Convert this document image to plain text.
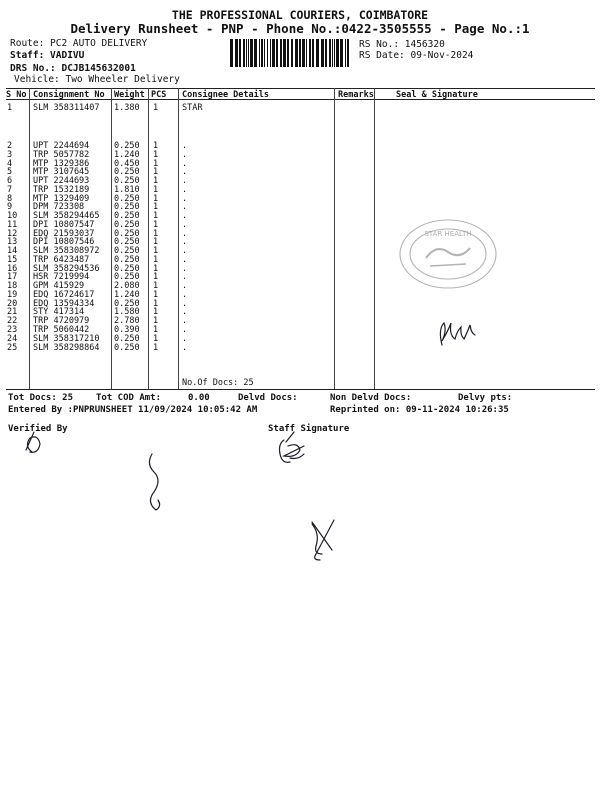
THE PROFESSIONAL COURIERS, COIMBATORE
Delivery Runsheet - PNP - Phone No.:0422-3505555 - Page No.:1
Route: PC2 AUTO DELIVERY
Staff: VADIVU
DRS No.: DCJB145632001
Vehicle: Two Wheeler Delivery
RS No.: 1456320
RS Date: 09-Nov-2024
S No Consignment No Weight PCS Consignee Details	Remarks	Seal & Signature
1 SLM 358311407 1.380 1	STAR
2 UPT 2244694	0.250 1	.
3 TRP 5057782	1.240 1	.
4 MTP 1329386	0.450 1	.
5 MTP 3107645	0.250 1	.
6 UPT 2244693	0.250 1	.
7 TRP 1532189	1.810 1	.
8 MTP 1329409	0.250 1	.
9 DPM 723308	0.250 1	.
10 SLM 358294465 0.250 1	.
11 DPI 10807547 0.250 1	.
12 EDQ 21593037 0.250 1	.
13 DPI 10807546 0.250 1	.
14 SLM 358308972 0.250 1	.
15 TRP 6423487	0.250 1	.
16 SLM 358294536 0.250 1	.
17 HSR 7219994	0.250 1	.
18 GPM 415929	2.080 1	.
19 EDQ 16724617 1.240 1	.
20 EDQ 13594334 0.250 1	.
21 STY 417314	1.580 1	.
22 TRP 4720979	2.780 1	.
23 TRP 5060442	0.390 1	.
24 SLM 358317210 0.250 1	.
25 SLM 358298864 0.250 1	.
No.Of Docs: 25
Tot Docs: 25	Tot COD Amt:	0.00	Delvd Docs:	Non Delvd Docs:	Delvy pts:
Entered By :PNPRUNSHEET 11/09/2024 10:05:42 AM	Reprinted on: 09-11-2024 10:26:35
Verified By	Staff Signature
STAR HEALTH
